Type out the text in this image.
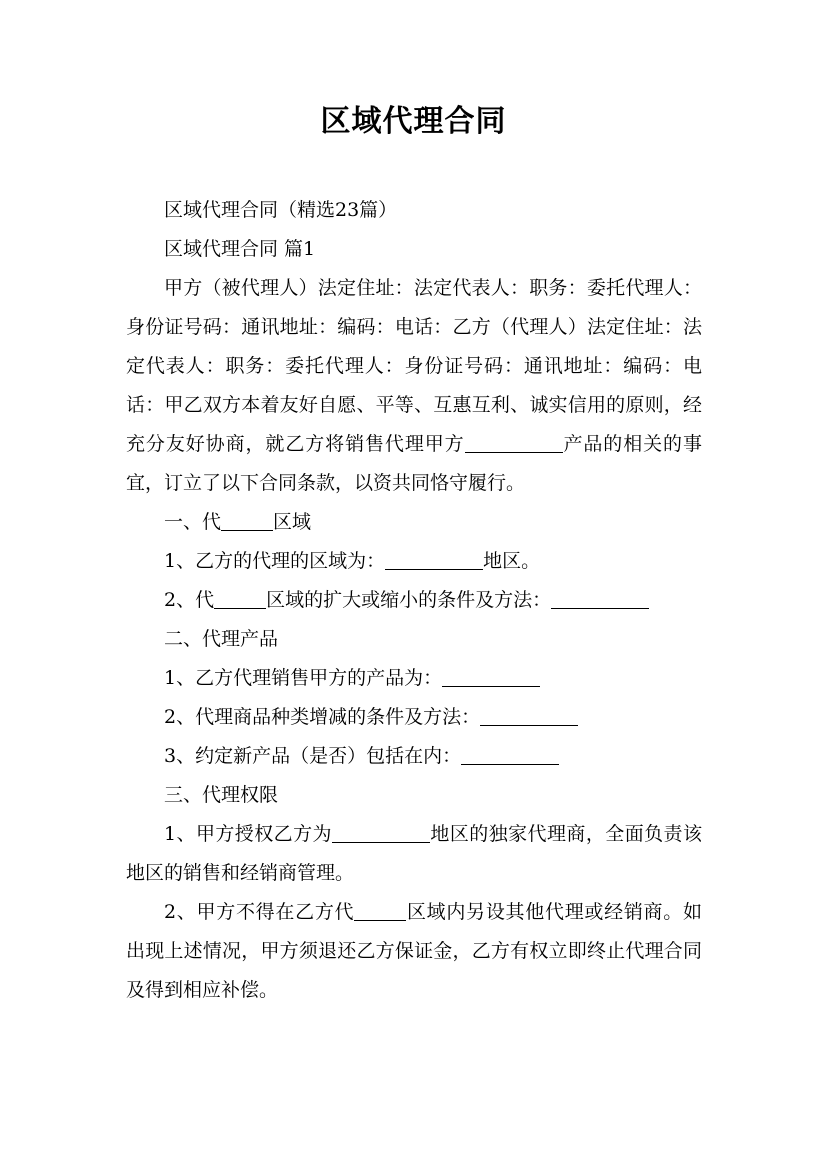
区域代理合同

区域代理合同（精选23篇）

区域代理合同 篇1

甲方（被代理人）法定住址：法定代表人：职务：委托代理人：身份证号码：通讯地址：编码：电话：乙方（代理人）法定住址：法定代表人：职务：委托代理人：身份证号码：通讯地址：编码：电话：甲乙双方本着友好自愿、平等、互惠互利、诚实信用的原则，经充分友好协商，就乙方将销售代理甲方	产品的相关的事宜，订立了以下合同条款，以资共同恪守履行。

一、代	区域

1、乙方的代理的区域为：	地区。

2、代	区域的扩大或缩小的条件及方法：

二、代理产品

1、乙方代理销售甲方的产品为：

2、代理商品种类增减的条件及方法：

3、约定新产品（是否）包括在内：

三、代理权限

1、甲方授权乙方为	地区的独家代理商，全面负责该地区的销售和经销商管理。

2、甲方不得在乙方代	区域内另设其他代理或经销商。如出现上述情况，甲方须退还乙方保证金，乙方有权立即终止代理合同及得到相应补偿。
